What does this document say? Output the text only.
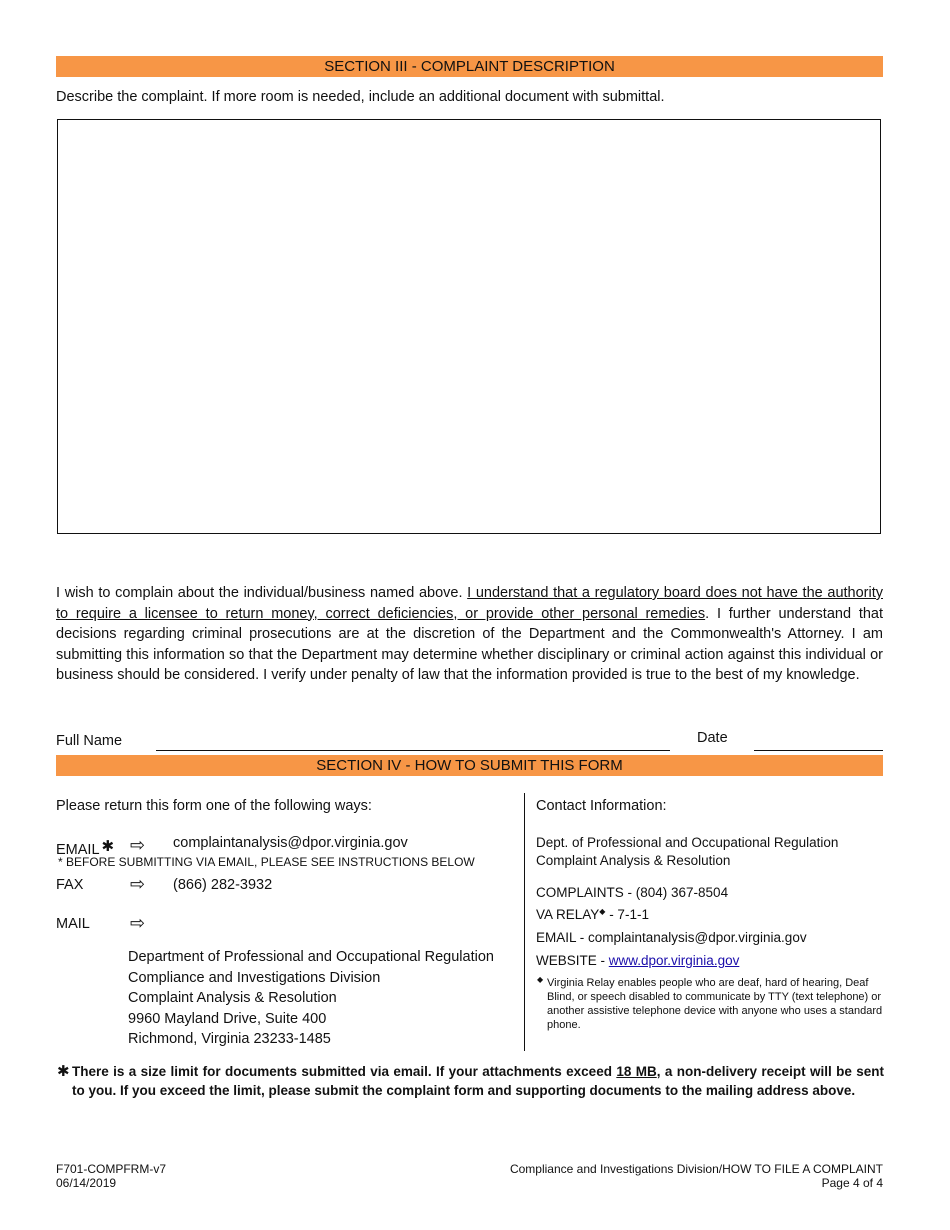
SECTION III - COMPLAINT DESCRIPTION
Describe the complaint. If more room is needed, include an additional document with submittal.
I wish to complain about the individual/business named above. I understand that a regulatory board does not have the authority to require a licensee to return money, correct deficiencies, or provide other personal remedies. I further understand that decisions regarding criminal prosecutions are at the discretion of the Department and the Commonwealth's Attorney. I am submitting this information so that the Department may determine whether disciplinary or criminal action against this individual or business should be considered. I verify under penalty of law that the information provided is true to the best of my knowledge.
Full Name	Date
SECTION IV - HOW TO SUBMIT THIS FORM
Please return this form one of the following ways:
EMAIL ✱ ⇨ complaintanalysis@dpor.virginia.gov
* BEFORE SUBMITTING VIA EMAIL, PLEASE SEE INSTRUCTIONS BELOW
FAX	⇨ (866) 282-3932
MAIL ⇨
Department of Professional and Occupational Regulation
Compliance and Investigations Division
Complaint Analysis & Resolution
9960 Mayland Drive, Suite 400
Richmond, Virginia 23233-1485
Contact Information:
Dept. of Professional and Occupational Regulation
Complaint Analysis & Resolution
COMPLAINTS - (804) 367-8504
VA RELAY◆ - 7-1-1
EMAIL - complaintanalysis@dpor.virginia.gov
WEBSITE - www.dpor.virginia.gov
◆ Virginia Relay enables people who are deaf, hard of hearing, Deaf Blind, or speech disabled to communicate by TTY (text telephone) or another assistive telephone device with anyone who uses a standard phone.
✱ There is a size limit for documents submitted via email. If your attachments exceed 18 MB, a non-delivery receipt will be sent to you. If you exceed the limit, please submit the complaint form and supporting documents to the mailing address above.
F701-COMPFRM-v7
06/14/2019
Compliance and Investigations Division/HOW TO FILE A COMPLAINT
Page 4 of 4
